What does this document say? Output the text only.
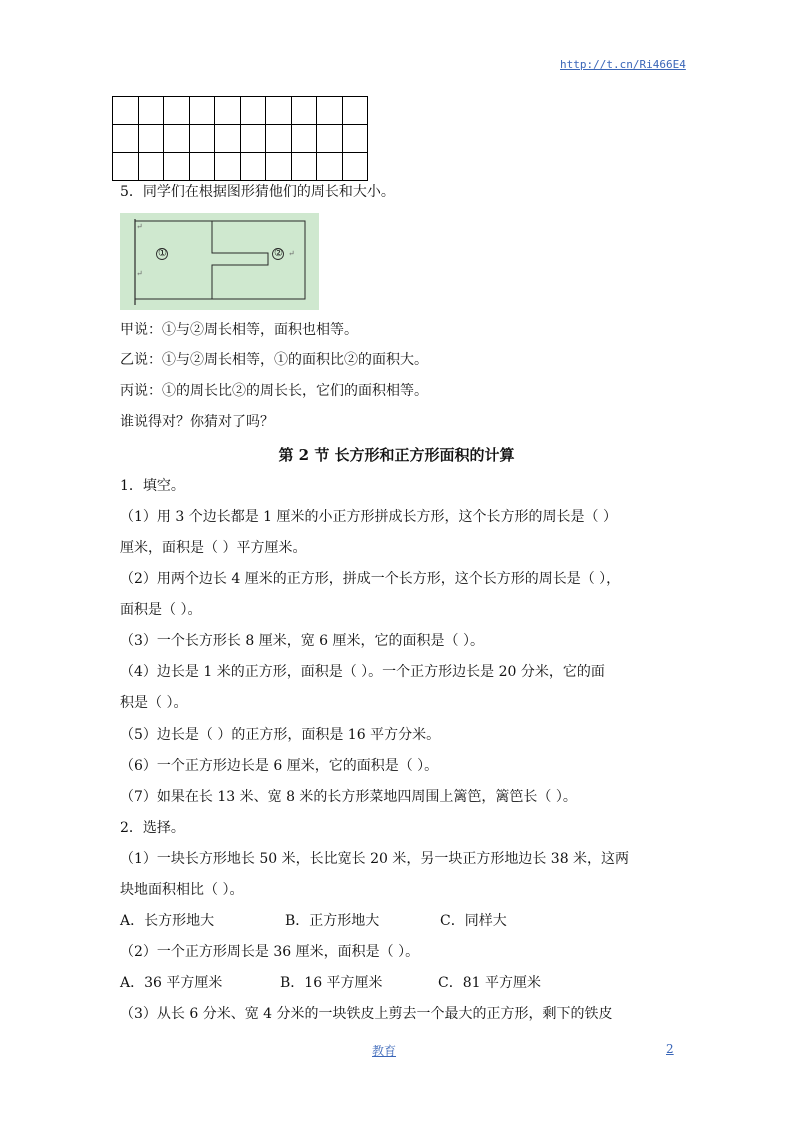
http://t.cn/Ri466E4

5．同学们在根据图形猜他们的周长和大小。
①	②
↵
↵
↵
甲说：①与②周长相等，面积也相等。
乙说：①与②周长相等，①的面积比②的面积大。
丙说：①的周长比②的周长长，它们的面积相等。
谁说得对？你猜对了吗？
第 2 节 长方形和正方形面积的计算
1．填空。
（1）用 3 个边长都是 1 厘米的小正方形拼成长方形，这个长方形的周长是（ ）
厘米，面积是（ ）平方厘米。
（2）用两个边长 4 厘米的正方形，拼成一个长方形，这个长方形的周长是（ ），
面积是（ ）。
（3）一个长方形长 8 厘米，宽 6 厘米，它的面积是（ ）。
（4）边长是 1 米的正方形，面积是（ ）。一个正方形边长是 20 分米，它的面
积是（ ）。
（5）边长是（ ）的正方形，面积是 16 平方分米。
（6）一个正方形边长是 6 厘米，它的面积是（ ）。
（7）如果在长 13 米、宽 8 米的长方形菜地四周围上篱笆，篱笆长（ ）。
2．选择。
（1）一块长方形地长 50 米，长比宽长 20 米，另一块正方形地边长 38 米，这两
块地面积相比（ ）。
A．长方形地大	B．正方形地大	C．同样大
（2）一个正方形周长是 36 厘米，面积是（ ）。
A．36 平方厘米	B．16 平方厘米	C．81 平方厘米
（3）从长 6 分米、宽 4 分米的一块铁皮上剪去一个最大的正方形，剩下的铁皮
教育	2
